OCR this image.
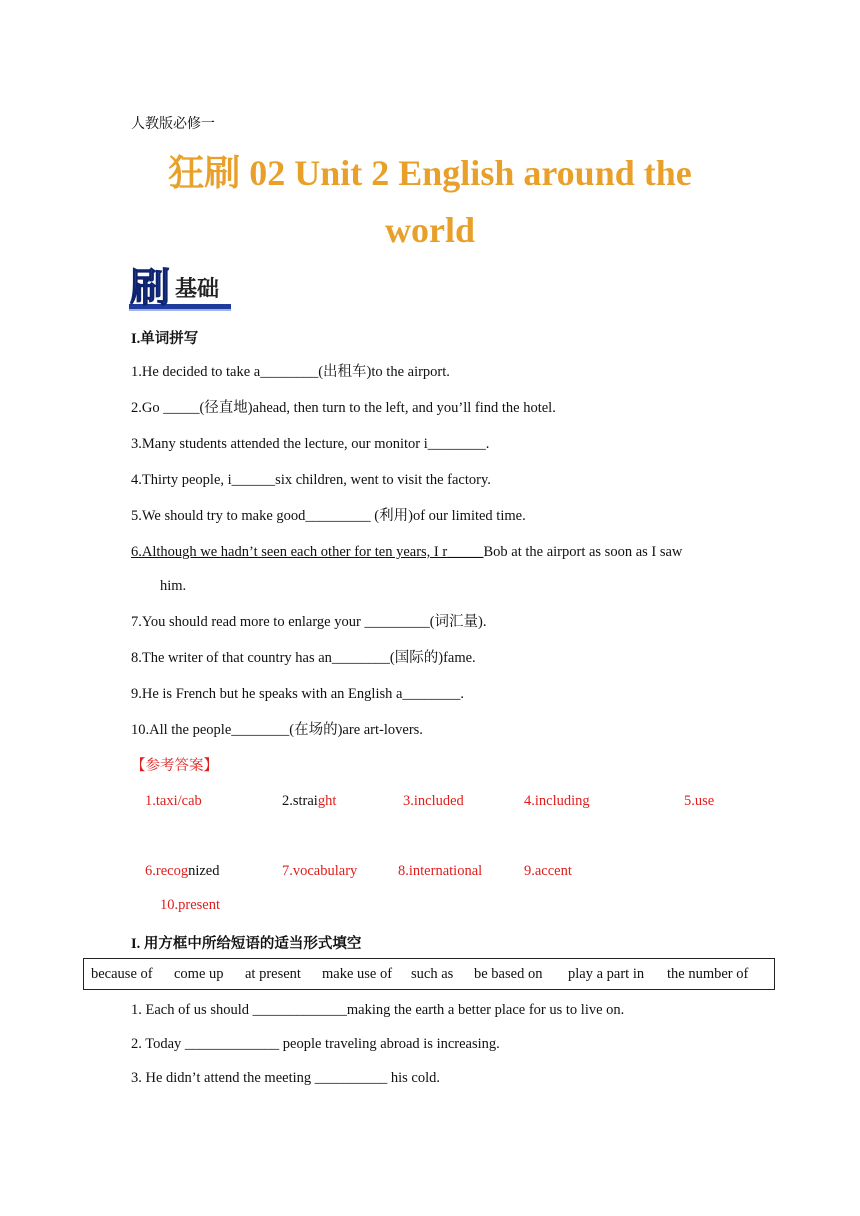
人教版必修一
狂刷 02 Unit 2 English around the
world
刷 基础
I.单词拼写
1.He decided to take a________(出租车)to the airport.
2.Go _____(径直地)ahead, then turn to the left, and you’ll find the hotel.
3.Many students attended the lecture, our monitor i________.
4.Thirty people, i______six children, went to visit the factory.
5.We should try to make good_________ (利用)of our limited time.
6.Although we hadn’t seen each other for ten years, I r_____Bob at the airport as soon as I saw
him.
7.You should read more to enlarge your _________(词汇量).
8.The writer of that country has an________(国际的)fame.
9.He is French but he speaks with an English a________.
10.All the people________(在场的)are art-lovers.
【参考答案】
1.taxi/cab	2.straight	3.included	4.including	5.use
6.recognized	7.vocabulary	8.international	9.accent
10.present
I. 用方框中所给短语的适当形式填空
because of come up at present make use of such as be based on play a part in the number of
1. Each of us should _____________making the earth a better place for us to live on.
2. Today _____________ people traveling abroad is increasing.
3. He didn’t attend the meeting __________ his cold.
